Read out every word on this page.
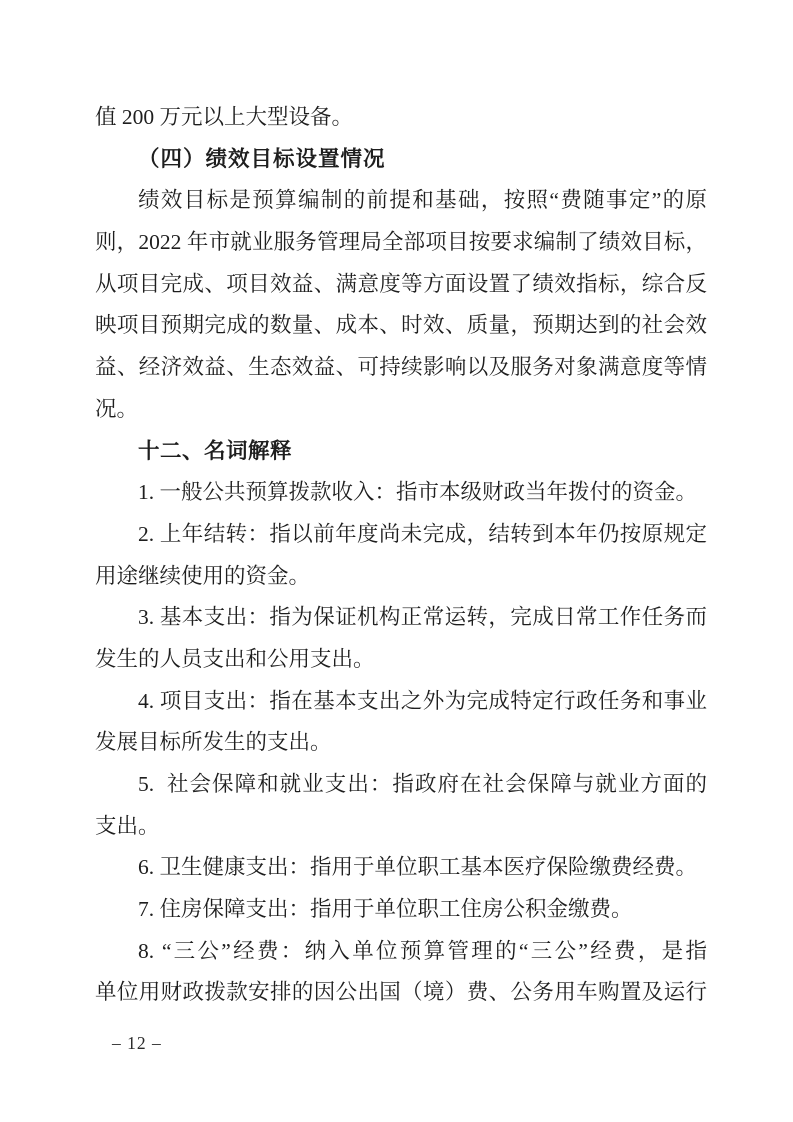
值 200 万元以上大型设备。
（四）绩效目标设置情况
绩效目标是预算编制的前提和基础，按照“费随事定”的原
则，2022 年市就业服务管理局全部项目按要求编制了绩效目标，
从项目完成、项目效益、满意度等方面设置了绩效指标，综合反
映项目预期完成的数量、成本、时效、质量，预期达到的社会效
益、经济效益、生态效益、可持续影响以及服务对象满意度等情
况。
十二、名词解释
1. 一般公共预算拨款收入：指市本级财政当年拨付的资金。
2. 上年结转：指以前年度尚未完成，结转到本年仍按原规定
用途继续使用的资金。
3. 基本支出：指为保证机构正常运转，完成日常工作任务而
发生的人员支出和公用支出。
4. 项目支出：指在基本支出之外为完成特定行政任务和事业
发展目标所发生的支出。
5.  社会保障和就业支出：指政府在社会保障与就业方面的
支出。
6. 卫生健康支出：指用于单位职工基本医疗保险缴费经费。
7. 住房保障支出：指用于单位职工住房公积金缴费。
8. “三公”经费：纳入单位预算管理的“三公”经费，是指
单位用财政拨款安排的因公出国（境）费、公务用车购置及运行
– 12 –
